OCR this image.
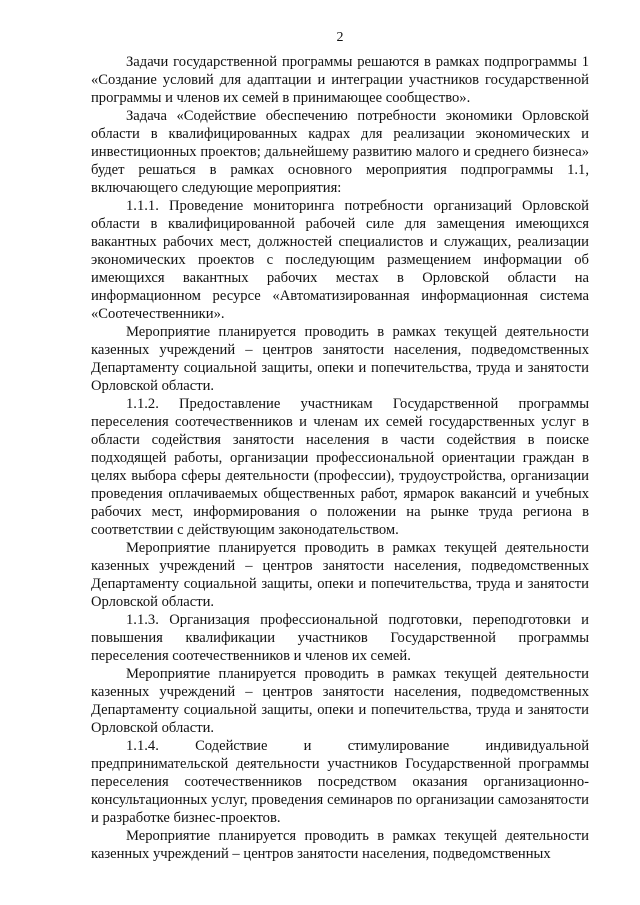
2

Задачи государственной программы решаются в рамках подпрограммы 1 «Создание условий для адаптации и интеграции участников государственной программы и членов их семей в принимающее сообщество».

Задача «Содействие обеспечению потребности экономики Орловской области в квалифицированных кадрах для реализации экономических и инвестиционных проектов; дальнейшему развитию малого и среднего бизнеса» будет решаться в рамках основного мероприятия подпрограммы 1.1, включающего следующие мероприятия:

1.1.1. Проведение мониторинга потребности организаций Орловской области в квалифицированной рабочей силе для замещения имеющихся вакантных рабочих мест, должностей специалистов и служащих, реализации экономических проектов с последующим размещением информации об имеющихся вакантных рабочих местах в Орловской области на информационном ресурсе «Автоматизированная информационная система «Соотечественники».

Мероприятие планируется проводить в рамках текущей деятельности казенных учреждений – центров занятости населения, подведомственных Департаменту социальной защиты, опеки и попечительства, труда и занятости Орловской области.

1.1.2. Предоставление участникам Государственной программы переселения соотечественников и членам их семей государственных услуг в области содействия занятости населения в части содействия в поиске подходящей работы, организации профессиональной ориентации граждан в целях выбора сферы деятельности (профессии), трудоустройства, организации проведения оплачиваемых общественных работ, ярмарок вакансий и учебных рабочих мест, информирования о положении на рынке труда региона в соответствии с действующим законодательством.

Мероприятие планируется проводить в рамках текущей деятельности казенных учреждений – центров занятости населения, подведомственных Департаменту социальной защиты, опеки и попечительства, труда и занятости Орловской области.

1.1.3. Организация профессиональной подготовки, переподготовки и повышения квалификации участников Государственной программы переселения соотечественников и членов их семей.

Мероприятие планируется проводить в рамках текущей деятельности казенных учреждений – центров занятости населения, подведомственных Департаменту социальной защиты, опеки и попечительства, труда и занятости Орловской области.

1.1.4. Содействие и стимулирование индивидуальной предпринимательской деятельности участников Государственной программы переселения соотечественников посредством оказания организационно-консультационных услуг, проведения семинаров по организации самозанятости и разработке бизнес-проектов.

Мероприятие планируется проводить в рамках текущей деятельности казенных учреждений – центров занятости населения, подведомственных
